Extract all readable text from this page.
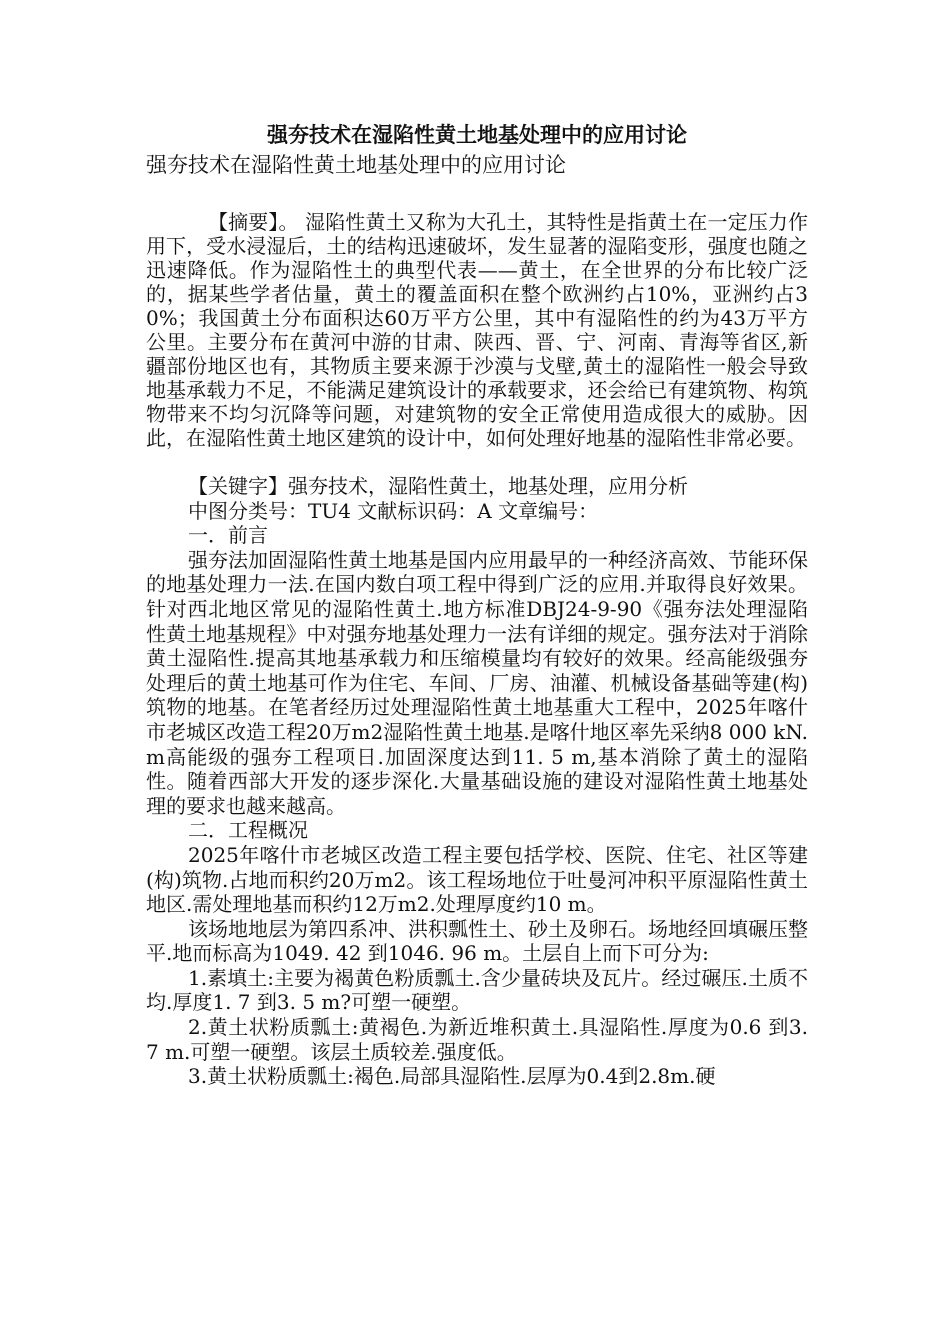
强夯技术在湿陷性黄土地基处理中的应用讨论
强夯技术在湿陷性黄土地基处理中的应用讨论

【摘要】。 湿陷性黄土又称为大孔土，其特性是指黄土在一定压力作用下，受水浸湿后，土的结构迅速破坏，发生显著的湿陷变形，强度也随之迅速降低。作为湿陷性土的典型代表——黄土，在全世界的分布比较广泛的，据某些学者估量，黄土的覆盖面积在整个欧洲约占10%，亚洲约占30%；我国黄土分布面积达60万平方公里，其中有湿陷性的约为43万平方公里。主要分布在黄河中游的甘肃、陕西、晋、宁、河南、青海等省区,新疆部份地区也有，其物质主要来源于沙漠与戈壁,黄土的湿陷性一般会导致地基承载力不足，不能满足建筑设计的承载要求，还会给已有建筑物、构筑物带来不均匀沉降等问题，对建筑物的安全正常使用造成很大的威胁。因此，在湿陷性黄土地区建筑的设计中，如何处理好地基的湿陷性非常必要。

【关键字】强夯技术，湿陷性黄土，地基处理，应用分析

中图分类号：TU4 文献标识码：A 文章编号：

一．前言

强夯法加固湿陷性黄土地基是国内应用最早的一种经济高效、节能环保的地基处理力一法.在国内数白项工程中得到广泛的应用.并取得良好效果。针对西北地区常见的湿陷性黄土.地方标准DBJ24-9-90《强夯法处理湿陷性黄土地基规程》中对强夯地基处理力一法有详细的规定。强夯法对于消除黄土湿陷性.提高其地基承载力和压缩模量均有较好的效果。经高能级强夯处理后的黄土地基可作为住宅、车间、厂房、油灌、机械设备基础等建(构)筑物的地基。在笔者经历过处理湿陷性黄土地基重大工程中，2025年喀什市老城区改造工程20万m2湿陷性黄土地基.是喀什地区率先采纳8 000 kN.m高能级的强夯工程项日.加固深度达到11. 5 m,基本消除了黄土的湿陷性。随着西部大开发的逐步深化.大量基础设施的建设对湿陷性黄土地基处理的要求也越来越高。

二．工程概况

2025年喀什市老城区改造工程主要包括学校、医院、住宅、社区等建(构)筑物.占地而积约20万m2。该工程场地位于吐曼河冲积平原湿陷性黄土地区.需处理地基而积约12万m2.处理厚度约10 m。

该场地地层为第四系冲、洪积瓢性土、砂土及卵石。场地经回填碾压整平.地而标高为1049. 42 到1046. 96 m。土层自上而下可分为:

1.素填土:主要为褐黄色粉质瓢土.含少量砖块及瓦片。经过碾压.土质不均.厚度1. 7 到3. 5 m?可塑一硬塑。

2.黄土状粉质瓢土:黄褐色.为新近堆积黄土.具湿陷性.厚度为0.6 到3. 7 m.可塑一硬塑。该层土质较差.强度低。

3.黄土状粉质瓢土:褐色.局部具湿陷性.层厚为0.4到2.8m.硬
